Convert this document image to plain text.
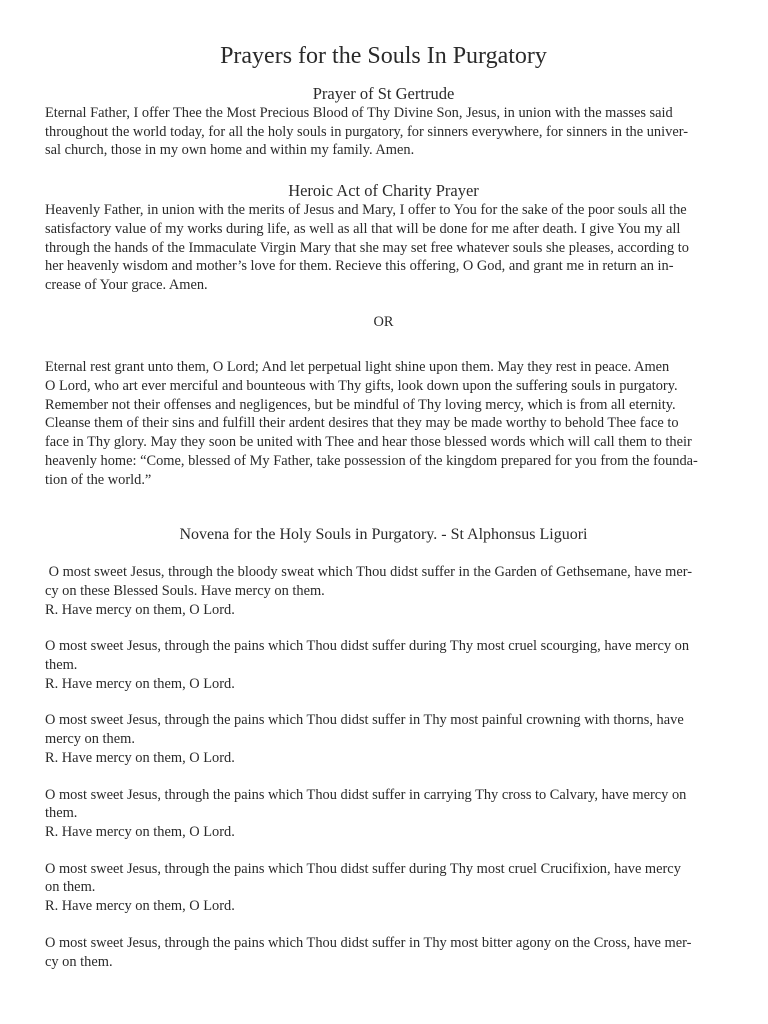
Prayers for the Souls In Purgatory
Prayer of St Gertrude

Eternal Father, I offer Thee the Most Precious Blood of Thy Divine Son, Jesus, in union with the masses said
throughout the world today, for all the holy souls in purgatory, for sinners everywhere, for sinners in the univer-
sal church, those in my own home and within my family. Amen.

Heroic Act of Charity Prayer

Heavenly Father, in union with the merits of Jesus and Mary, I offer to You for the sake of the poor souls all the
satisfactory value of my works during life, as well as all that will be done for me after death. I give You my all
through the hands of the Immaculate Virgin Mary that she may set free whatever souls she pleases, according to
her heavenly wisdom and mother’s love for them. Recieve this offering, O God, and grant me in return an in-
crease of Your grace. Amen.

OR

Eternal rest grant unto them, O Lord; And let perpetual light shine upon them. May they rest in peace. Amen
O Lord, who art ever merciful and bounteous with Thy gifts, look down upon the suffering souls in purgatory.
Remember not their offenses and negligences, but be mindful of Thy loving mercy, which is from all eternity.
Cleanse them of their sins and fulfill their ardent desires that they may be made worthy to behold Thee face to
face in Thy glory. May they soon be united with Thee and hear those blessed words which will call them to their
heavenly home: “Come, blessed of My Father, take possession of the kingdom prepared for you from the founda-
tion of the world.”

Novena for the Holy Souls in Purgatory. - St Alphonsus Liguori
O most sweet Jesus, through the bloody sweat which Thou didst suffer in the Garden of Gethsemane, have mer-
cy on these Blessed Souls. Have mercy on them.
R. Have mercy on them, O Lord.
O most sweet Jesus, through the pains which Thou didst suffer during Thy most cruel scourging, have mercy on
them.
R. Have mercy on them, O Lord.
O most sweet Jesus, through the pains which Thou didst suffer in Thy most painful crowning with thorns, have
mercy on them.
R. Have mercy on them, O Lord.
O most sweet Jesus, through the pains which Thou didst suffer in carrying Thy cross to Calvary, have mercy on
them.
R. Have mercy on them, O Lord.
O most sweet Jesus, through the pains which Thou didst suffer during Thy most cruel Crucifixion, have mercy
on them.
R. Have mercy on them, O Lord.
O most sweet Jesus, through the pains which Thou didst suffer in Thy most bitter agony on the Cross, have mer-
cy on them.
